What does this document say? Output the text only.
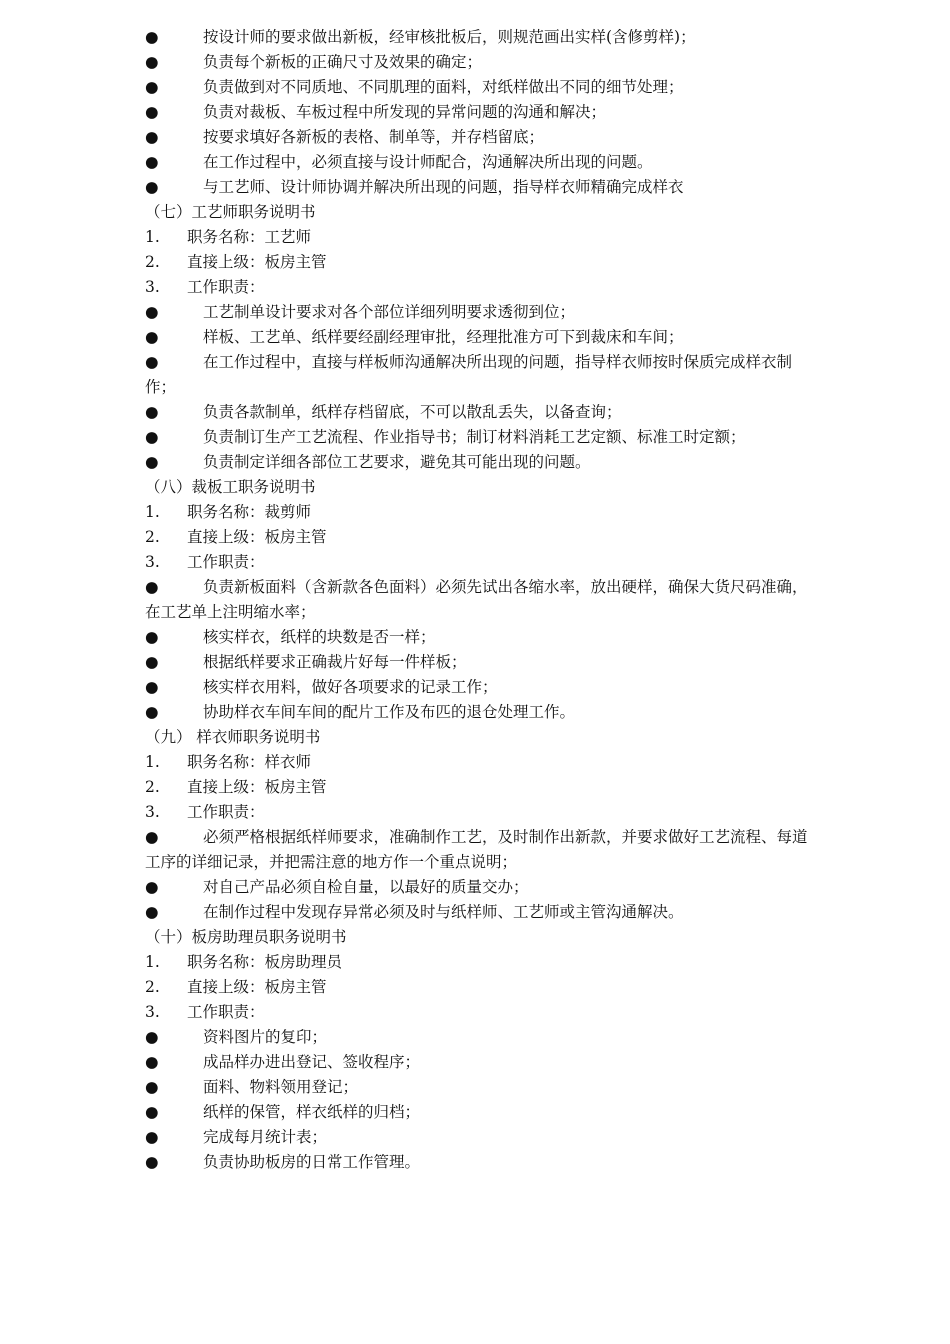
●	按设计师的要求做出新板，经审核批板后，则规范画出实样(含修剪样)；
●	负责每个新板的正确尺寸及效果的确定；
●	负责做到对不同质地、不同肌理的面料，对纸样做出不同的细节处理；
●	负责对裁板、车板过程中所发现的异常问题的沟通和解决；
●	按要求填好各新板的表格、制单等，并存档留底；
●	在工作过程中，必须直接与设计师配合，沟通解决所出现的问题。
●	与工艺师、设计师协调并解决所出现的问题，指导样衣师精确完成样衣
（七）工艺师职务说明书
1.	职务名称：工艺师
2.	直接上级：板房主管
3.	工作职责：
●	工艺制单设计要求对各个部位详细列明要求透彻到位；
●	样板、工艺单、纸样要经副经理审批，经理批准方可下到裁床和车间；
●	在工作过程中，直接与样板师沟通解决所出现的问题，指导样衣师按时保质完成样衣制作；
●	负责各款制单，纸样存档留底，不可以散乱丢失，以备查询；
●	负责制订生产工艺流程、作业指导书；制订材料消耗工艺定额、标准工时定额；
●	负责制定详细各部位工艺要求，避免其可能出现的问题。
（八）裁板工职务说明书
1.	职务名称：裁剪师
2.	直接上级：板房主管
3.	工作职责：
●	负责新板面料（含新款各色面料）必须先试出各缩水率，放出硬样，确保大货尺码准确，在工艺单上注明缩水率；
●	核实样衣，纸样的块数是否一样；
●	根据纸样要求正确裁片好每一件样板；
●	核实样衣用料，做好各项要求的记录工作；
●	协助样衣车间车间的配片工作及布匹的退仓处理工作。
（九） 样衣师职务说明书
1.	职务名称：样衣师
2.	直接上级：板房主管
3.	工作职责：
●	必须严格根据纸样师要求，准确制作工艺，及时制作出新款，并要求做好工艺流程、每道工序的详细记录，并把需注意的地方作一个重点说明；
●	对自己产品必须自检自量，以最好的质量交办；
●	在制作过程中发现存异常必须及时与纸样师、工艺师或主管沟通解决。
（十）板房助理员职务说明书
1.	职务名称：板房助理员
2.	直接上级：板房主管
3.	工作职责：
●	资料图片的复印；
●	成品样办进出登记、签收程序；
●	面料、物料领用登记；
●	纸样的保管，样衣纸样的归档；
●	完成每月统计表；
●	负责协助板房的日常工作管理。
